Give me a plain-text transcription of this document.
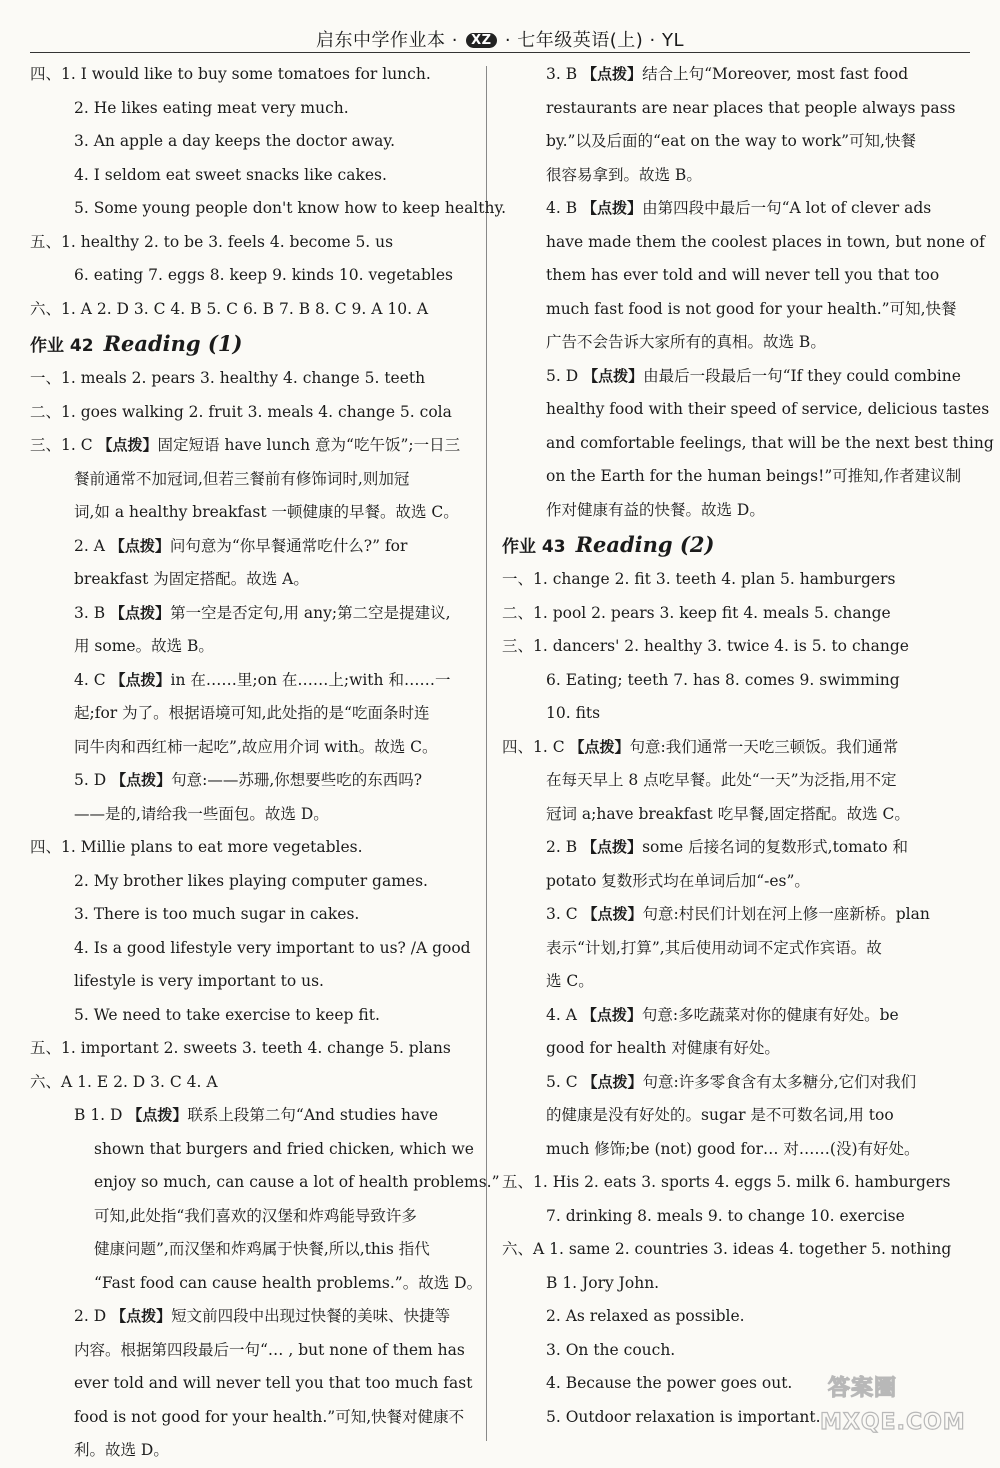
启东中学作业本 · XZ · 七年级英语(上) · YL
四、1. I would like to buy some tomatoes for lunch.
2. He likes eating meat very much.
3. An apple a day keeps the doctor away.
4. I seldom eat sweet snacks like cakes.
5. Some young people don't know how to keep healthy.
五、1. healthy 2. to be 3. feels 4. become 5. us
6. eating 7. eggs 8. keep 9. kinds 10. vegetables
六、1. A 2. D 3. C 4. B 5. C 6. B 7. B 8. C 9. A 10. A
作业 42 Reading (1)
一、1. meals 2. pears 3. healthy 4. change 5. teeth
二、1. goes walking 2. fruit 3. meals 4. change 5. cola
三、1. C 【点拨】固定短语 have lunch 意为“吃午饭”;一日三
餐前通常不加冠词,但若三餐前有修饰词时,则加冠
词,如 a healthy breakfast 一顿健康的早餐。故选 C。
2. A 【点拨】问句意为“你早餐通常吃什么?” for
breakfast 为固定搭配。故选 A。
3. B 【点拨】第一空是否定句,用 any;第二空是提建议,
用 some。故选 B。
4. C 【点拨】in 在……里;on 在……上;with 和……一
起;for 为了。根据语境可知,此处指的是“吃面条时连
同牛肉和西红柿一起吃”,故应用介词 with。故选 C。
5. D 【点拨】句意:——苏珊,你想要些吃的东西吗?
——是的,请给我一些面包。故选 D。
四、1. Millie plans to eat more vegetables.
2. My brother likes playing computer games.
3. There is too much sugar in cakes.
4. Is a good lifestyle very important to us? /A good
lifestyle is very important to us.
5. We need to take exercise to keep fit.
五、1. important 2. sweets 3. teeth 4. change 5. plans
六、A 1. E 2. D 3. C 4. A
B 1. D 【点拨】联系上段第二句“And studies have
shown that burgers and fried chicken, which we
enjoy so much, can cause a lot of health problems.”
可知,此处指“我们喜欢的汉堡和炸鸡能导致许多
健康问题”,而汉堡和炸鸡属于快餐,所以,this 指代
“Fast food can cause health problems.”。故选 D。
2. D 【点拨】短文前四段中出现过快餐的美味、快捷等
内容。根据第四段最后一句“… , but none of them has
ever told and will never tell you that too much fast
food is not good for your health.”可知,快餐对健康不
利。故选 D。
3. B 【点拨】结合上句“Moreover, most fast food
restaurants are near places that people always pass
by.”以及后面的“eat on the way to work”可知,快餐
很容易拿到。故选 B。
4. B 【点拨】由第四段中最后一句“A lot of clever ads
have made them the coolest places in town, but none of
them has ever told and will never tell you that too
much fast food is not good for your health.”可知,快餐
广告不会告诉大家所有的真相。故选 B。
5. D 【点拨】由最后一段最后一句“If they could combine
healthy food with their speed of service, delicious tastes
and comfortable feelings, that will be the next best thing
on the Earth for the human beings!”可推知,作者建议制
作对健康有益的快餐。故选 D。
作业 43 Reading (2)
一、1. change 2. fit 3. teeth 4. plan 5. hamburgers
二、1. pool 2. pears 3. keep fit 4. meals 5. change
三、1. dancers' 2. healthy 3. twice 4. is 5. to change
6. Eating; teeth 7. has 8. comes 9. swimming
10. fits
四、1. C 【点拨】句意:我们通常一天吃三顿饭。我们通常
在每天早上 8 点吃早餐。此处“一天”为泛指,用不定
冠词 a;have breakfast 吃早餐,固定搭配。故选 C。
2. B 【点拨】some 后接名词的复数形式,tomato 和
potato 复数形式均在单词后加“-es”。
3. C 【点拨】句意:村民们计划在河上修一座新桥。plan
表示“计划,打算”,其后使用动词不定式作宾语。故
选 C。
4. A 【点拨】句意:多吃蔬菜对你的健康有好处。be
good for health 对健康有好处。
5. C 【点拨】句意:许多零食含有太多糖分,它们对我们
的健康是没有好处的。sugar 是不可数名词,用 too
much 修饰;be (not) good for… 对……(没)有好处。
五、1. His 2. eats 3. sports 4. eggs 5. milk 6. hamburgers
7. drinking 8. meals 9. to change 10. exercise
六、A 1. same 2. countries 3. ideas 4. together 5. nothing
B 1. Jory John.
2. As relaxed as possible.
3. On the couch.
4. Because the power goes out.
5. Outdoor relaxation is important.
答案圈
MXQE.COM
